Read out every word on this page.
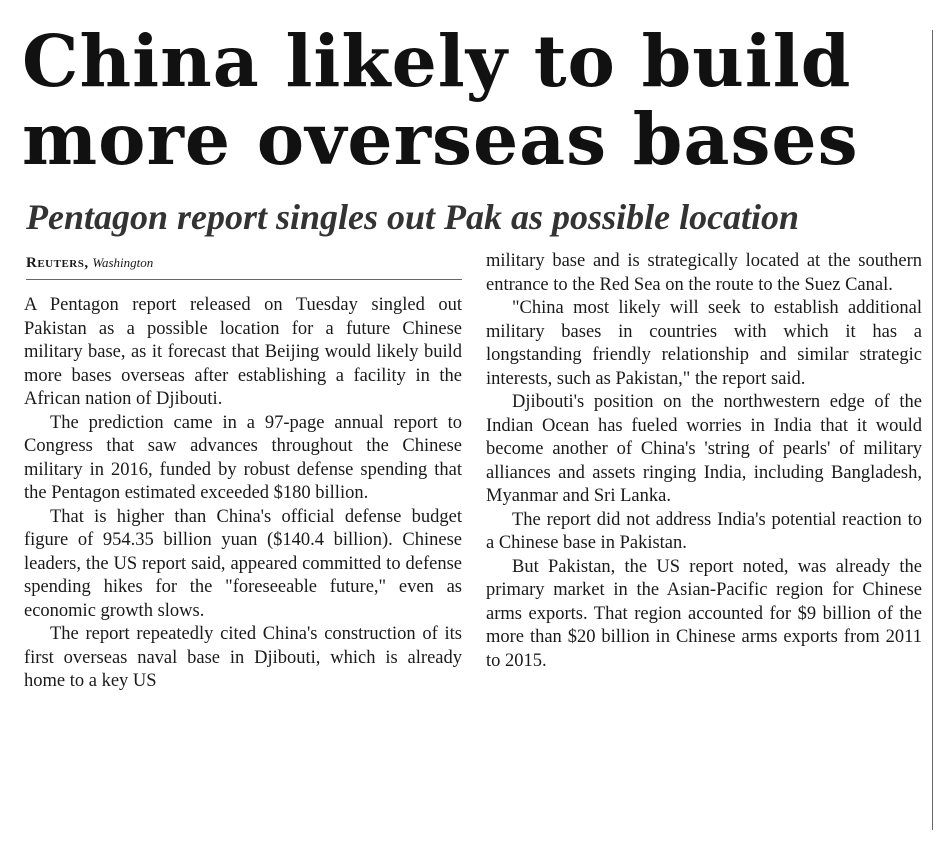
China likely to build more overseas bases
Pentagon report singles out Pak as possible location
Reuters, Washington

A Pentagon report released on Tuesday singled out Pakistan as a possible location for a future Chinese military base, as it forecast that Beijing would likely build more bases overseas after establishing a facility in the African nation of Djibouti.

The prediction came in a 97-page annual report to Congress that saw advances throughout the Chinese military in 2016, funded by robust defense spending that the Pentagon estimated exceeded $180 billion.

That is higher than China's official defense budget figure of 954.35 billion yuan ($140.4 billion). Chinese leaders, the US report said, appeared committed to defense spending hikes for the "foreseeable future," even as economic growth slows.

The report repeatedly cited China's construction of its first overseas naval base in Djibouti, which is already home to a key US

military base and is strategically located at the southern entrance to the Red Sea on the route to the Suez Canal.

"China most likely will seek to establish additional military bases in countries with which it has a longstanding friendly relationship and similar strategic interests, such as Pakistan," the report said.

Djibouti's position on the northwestern edge of the Indian Ocean has fueled worries in India that it would become another of China's 'string of pearls' of military alliances and assets ringing India, including Bangladesh, Myanmar and Sri Lanka.

The report did not address India's potential reaction to a Chinese base in Pakistan.

But Pakistan, the US report noted, was already the primary market in the Asian-Pacific region for Chinese arms exports. That region accounted for $9 billion of the more than $20 billion in Chinese arms exports from 2011 to 2015.
